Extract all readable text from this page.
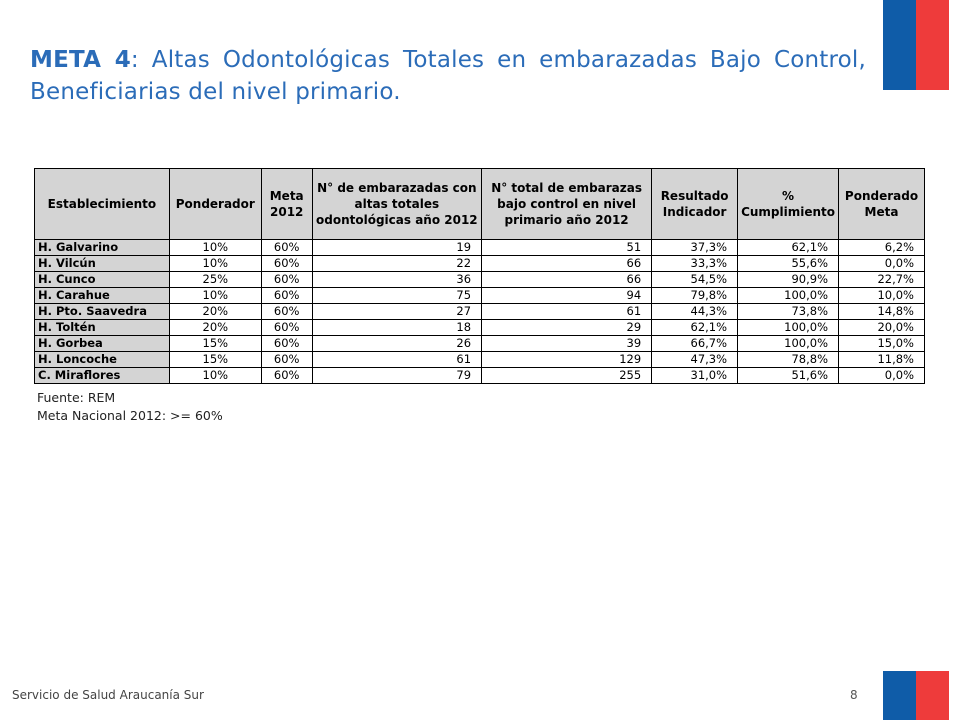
META 4: Altas Odontológicas Totales en embarazadas Bajo Control, Beneficiarias del nivel primario.
Establecimiento	Ponderador	Meta 2012	N° de embarazadas con altas totales odontológicas año 2012	N° total de embarazas bajo control en nivel primario año 2012	Resultado Indicador	% Cumplimiento	Ponderado Meta
H. Galvarino	10%	60%	19	51	37,3%	62,1%	6,2%
H. Vilcún	10%	60%	22	66	33,3%	55,6%	0,0%
H. Cunco	25%	60%	36	66	54,5%	90,9%	22,7%
H. Carahue	10%	60%	75	94	79,8%	100,0%	10,0%
H. Pto. Saavedra	20%	60%	27	61	44,3%	73,8%	14,8%
H. Toltén	20%	60%	18	29	62,1%	100,0%	20,0%
H. Gorbea	15%	60%	26	39	66,7%	100,0%	15,0%
H. Loncoche	15%	60%	61	129	47,3%	78,8%	11,8%
C. Miraflores	10%	60%	79	255	31,0%	51,6%	0,0%
Fuente: REM
Meta Nacional 2012: >= 60%
Servicio de Salud Araucanía Sur	8
